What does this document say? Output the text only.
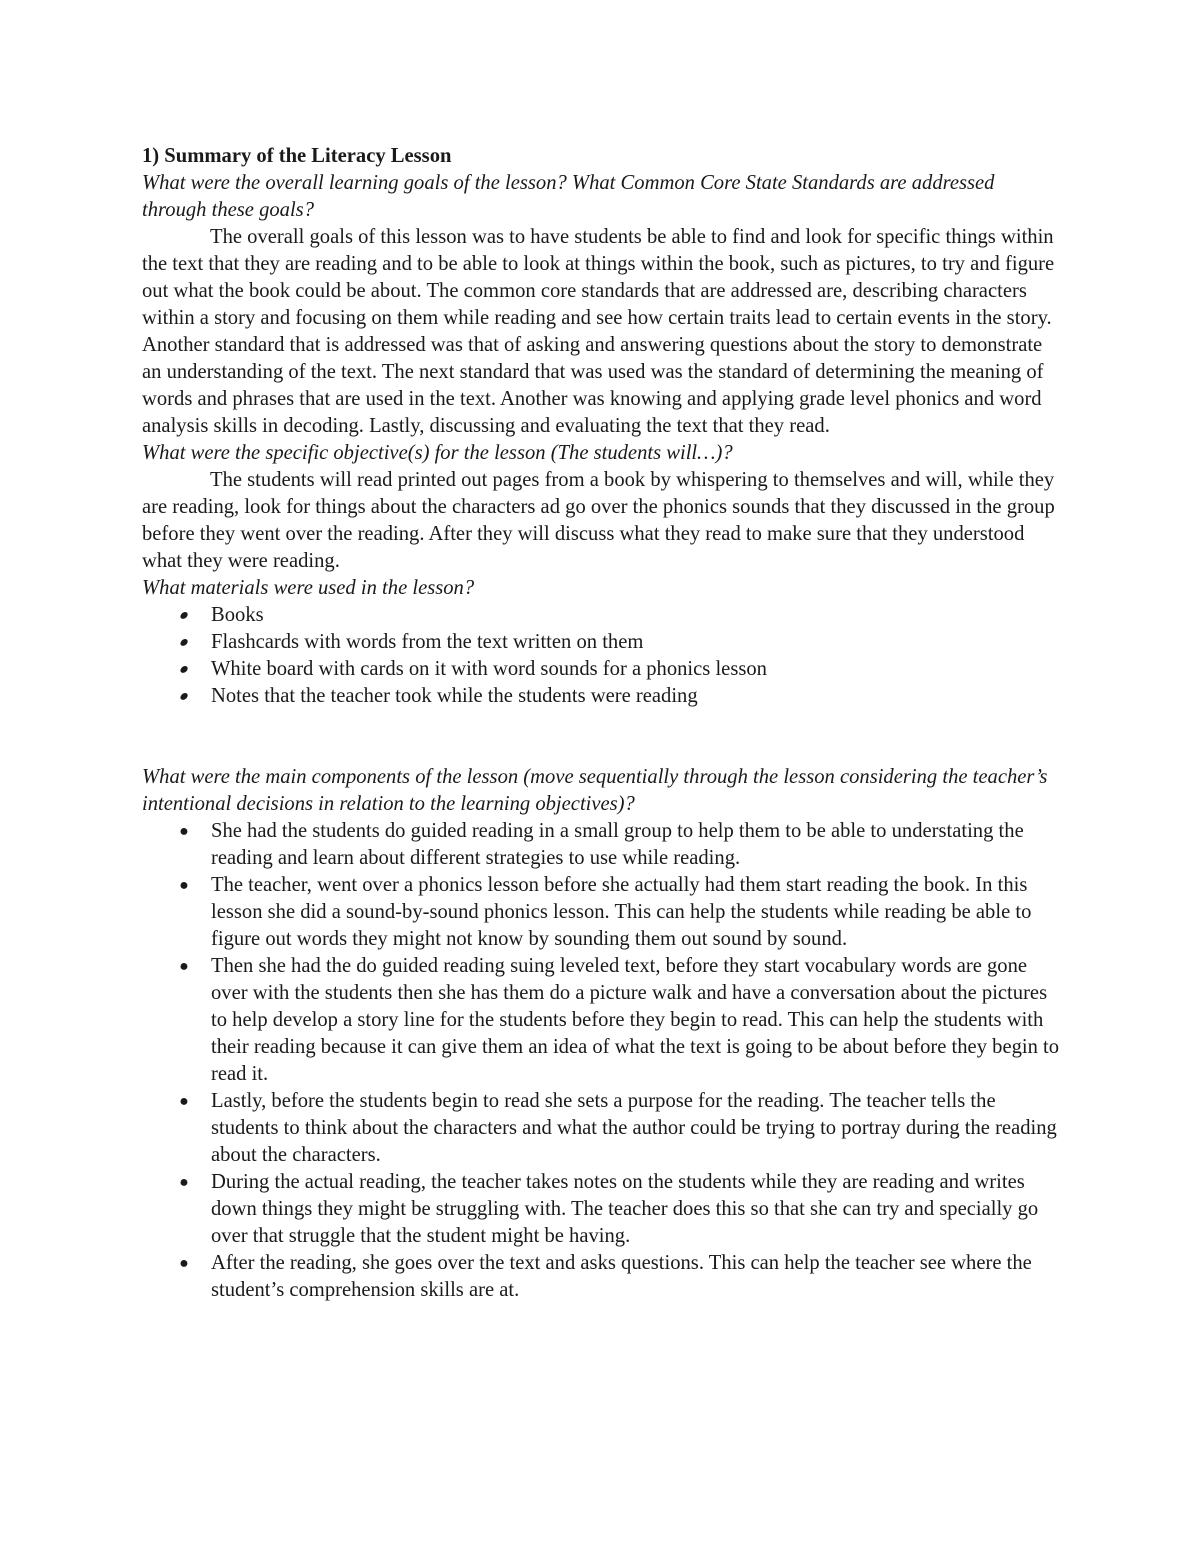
1) Summary of the Literacy Lesson

What were the overall learning goals of the lesson? What Common Core State Standards are addressed through these goals?

The overall goals of this lesson was to have students be able to find and look for specific things within the text that they are reading and to be able to look at things within the book, such as pictures, to try and figure out what the book could be about. The common core standards that are addressed are, describing characters within a story and focusing on them while reading and see how certain traits lead to certain events in the story. Another standard that is addressed was that of asking and answering questions about the story to demonstrate an understanding of the text. The next standard that was used was the standard of determining the meaning of words and phrases that are used in the text. Another was knowing and applying grade level phonics and word analysis skills in decoding. Lastly, discussing and evaluating the text that they read.

What were the specific objective(s) for the lesson (The students will…)?

The students will read printed out pages from a book by whispering to themselves and will, while they are reading, look for things about the characters ad go over the phonics sounds that they discussed in the group before they went over the reading. After they will discuss what they read to make sure that they understood what they were reading.

What materials were used in the lesson?

● Books
● Flashcards with words from the text written on them
● White board with cards on it with word sounds for a phonics lesson
● Notes that the teacher took while the students were reading

What were the main components of the lesson (move sequentially through the lesson considering the teacher’s intentional decisions in relation to the learning objectives)?

● She had the students do guided reading in a small group to help them to be able to understating the reading and learn about different strategies to use while reading.
● The teacher, went over a phonics lesson before she actually had them start reading the book. In this lesson she did a sound-by-sound phonics lesson. This can help the students while reading be able to figure out words they might not know by sounding them out sound by sound.
● Then she had the do guided reading suing leveled text, before they start vocabulary words are gone over with the students then she has them do a picture walk and have a conversation about the pictures to help develop a story line for the students before they begin to read. This can help the students with their reading because it can give them an idea of what the text is going to be about before they begin to read it.
● Lastly, before the students begin to read she sets a purpose for the reading. The teacher tells the students to think about the characters and what the author could be trying to portray during the reading about the characters.
● During the actual reading, the teacher takes notes on the students while they are reading and writes down things they might be struggling with. The teacher does this so that she can try and specially go over that struggle that the student might be having.
● After the reading, she goes over the text and asks questions. This can help the teacher see where the student’s comprehension skills are at.
